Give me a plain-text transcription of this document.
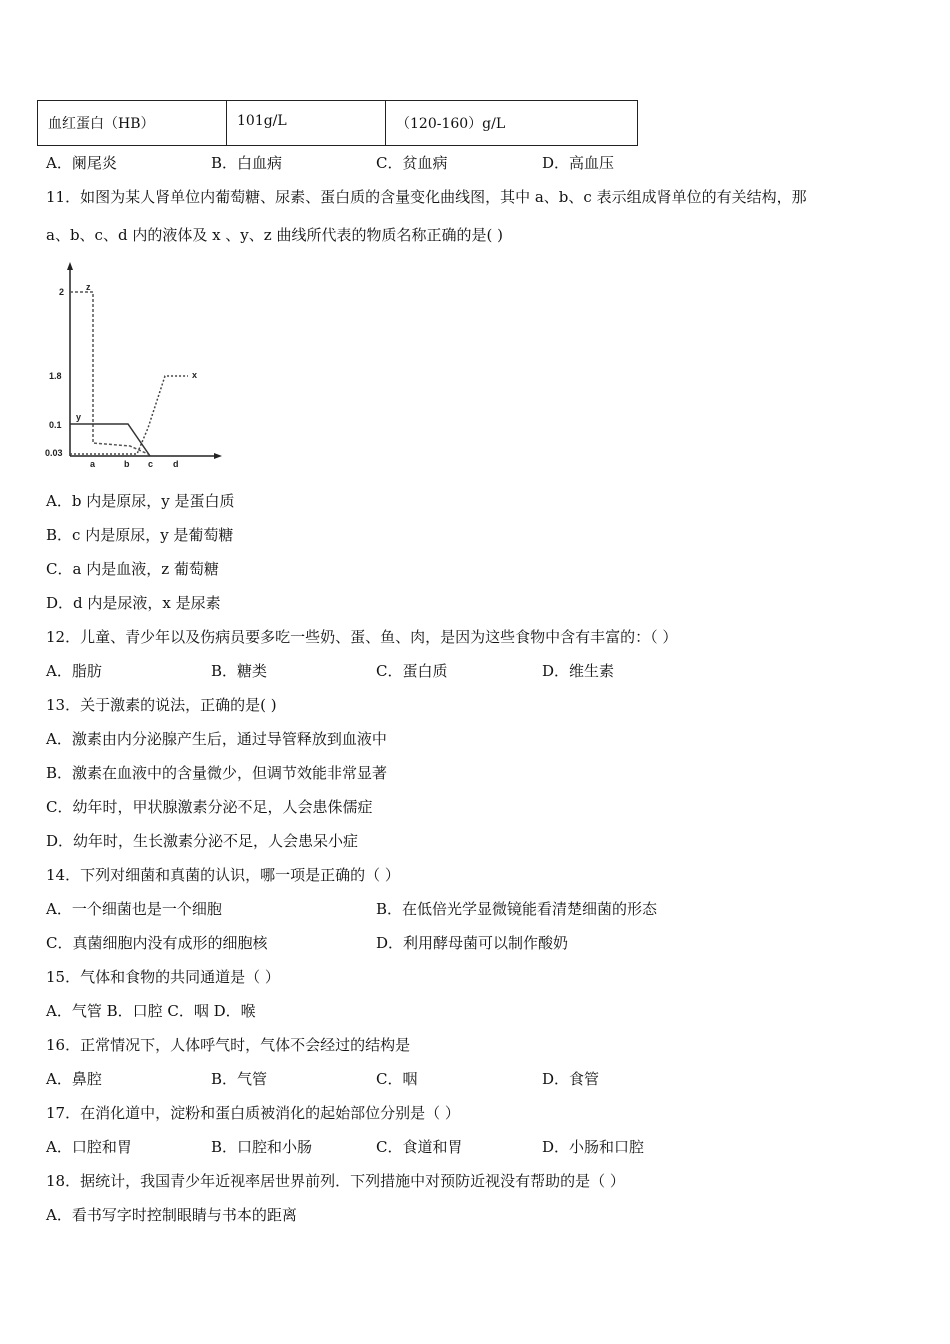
血红蛋白（HB）	101g/L	（120-160）g/L
A．阑尾炎	B．白血病	C．贫血病	D．高血压
11．如图为某人肾单位内葡萄糖、尿素、蛋白质的含量变化曲线图，其中 a、b、c 表示组成肾单位的有关结构，那
a、b、c、d 内的液体及 x 、y、z 曲线所代表的物质名称正确的是( )
2
1.8
0.1
0.03
a	b c d
x
z
y
A．b 内是原尿，y 是蛋白质
B．c 内是原尿，y 是葡萄糖
C．a 内是血液，z 葡萄糖
D．d 内是尿液，x 是尿素
12．儿童、青少年以及伤病员要多吃一些奶、蛋、鱼、肉，是因为这些食物中含有丰富的：（ ）
A．脂肪	B．糖类	C．蛋白质	D．维生素
13．关于激素的说法，正确的是( )
A．激素由内分泌腺产生后，通过导管释放到血液中
B．激素在血液中的含量微少，但调节效能非常显著
C．幼年时，甲状腺激素分泌不足，人会患侏儒症
D．幼年时，生长激素分泌不足，人会患呆小症
14．下列对细菌和真菌的认识，哪一项是正确的（ ）
A．一个细菌也是一个细胞	B．在低倍光学显微镜能看清楚细菌的形态
C．真菌细胞内没有成形的细胞核	D．利用酵母菌可以制作酸奶
15．气体和食物的共同通道是（ ）
A．气管 B．口腔 C．咽 D．喉
16．正常情况下，人体呼气时，气体不会经过的结构是
A．鼻腔	B．气管	C．咽	D．食管
17．在消化道中，淀粉和蛋白质被消化的起始部位分别是（ ）
A．口腔和胃	B．口腔和小肠	C．食道和胃	D．小肠和口腔
18．据统计，我国青少年近视率居世界前列．下列措施中对预防近视没有帮助的是（ ）
A．看书写字时控制眼睛与书本的距离
